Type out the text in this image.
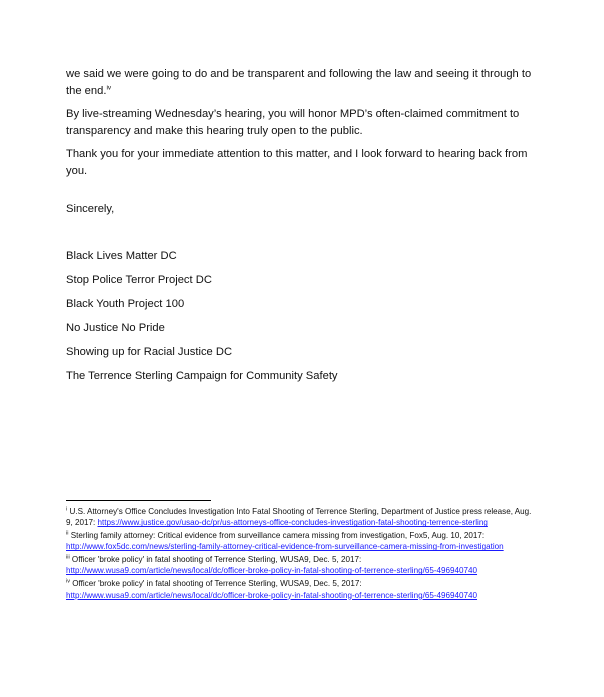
we said we were going to do and be transparent and following the law and seeing it through to the end.$^{iv}$

By live-streaming Wednesday’s hearing, you will honor MPD’s often-claimed commitment to transparency and make this hearing truly open to the public.

Thank you for your immediate attention to this matter, and I look forward to hearing back from you.

Sincerely,

Black Lives Matter DC

Stop Police Terror Project DC

Black Youth Project 100

No Justice No Pride

Showing up for Racial Justice DC

The Terrence Sterling Campaign for Community Safety

$^i$ U.S. Attorney's Office Concludes Investigation Into Fatal Shooting of Terrence Sterling, Department of Justice press release, Aug. 9, 2017: https://www.justice.gov/usao-dc/pr/us-attorneys-office-concludes-investigation-fatal-shooting-terrence-sterling

$^{ii}$ Sterling family attorney: Critical evidence from surveillance camera missing from investigation, Fox5, Aug. 10, 2017: http://www.fox5dc.com/news/sterling-family-attorney-critical-evidence-from-surveillance-camera-missing-from-investigation

$^{iii}$ Officer 'broke policy' in fatal shooting of Terrence Sterling, WUSA9, Dec. 5, 2017: http://www.wusa9.com/article/news/local/dc/officer-broke-policy-in-fatal-shooting-of-terrence-sterling/65-496940740

$^{iv}$ Officer 'broke policy' in fatal shooting of Terrence Sterling, WUSA9, Dec. 5, 2017: http://www.wusa9.com/article/news/local/dc/officer-broke-policy-in-fatal-shooting-of-terrence-sterling/65-496940740
